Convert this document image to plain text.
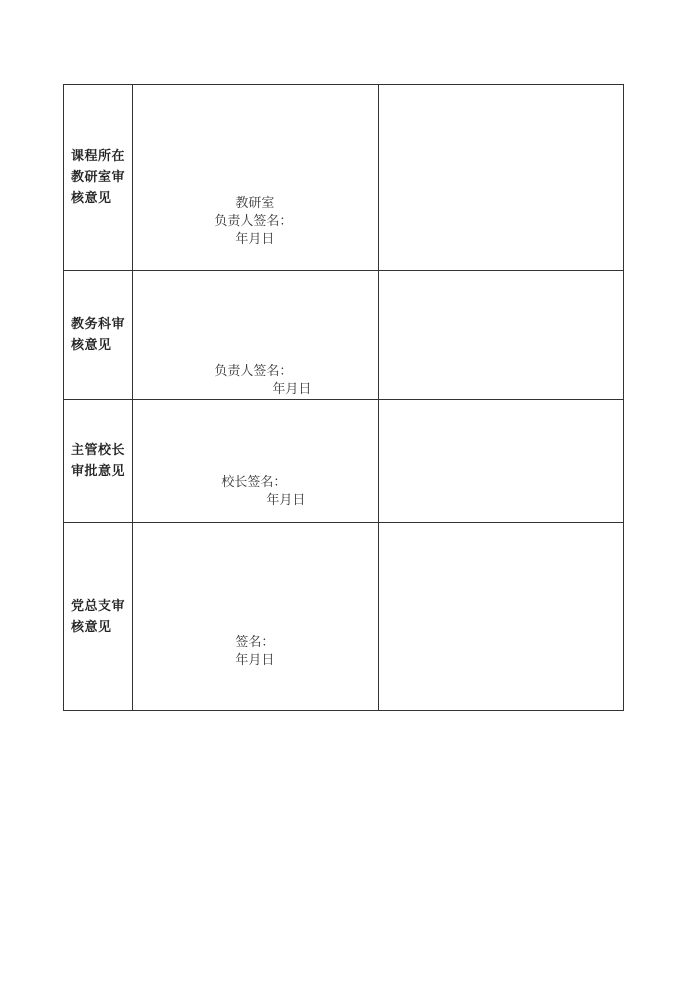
课程所在教研室审核意见	教研室
负责人签名：
年月日	

教务科审核意见	负责人签名：
年月日	

主管校长审批意见	校长签名：
年月日	

党总支审核意见	签名：
年月日	
